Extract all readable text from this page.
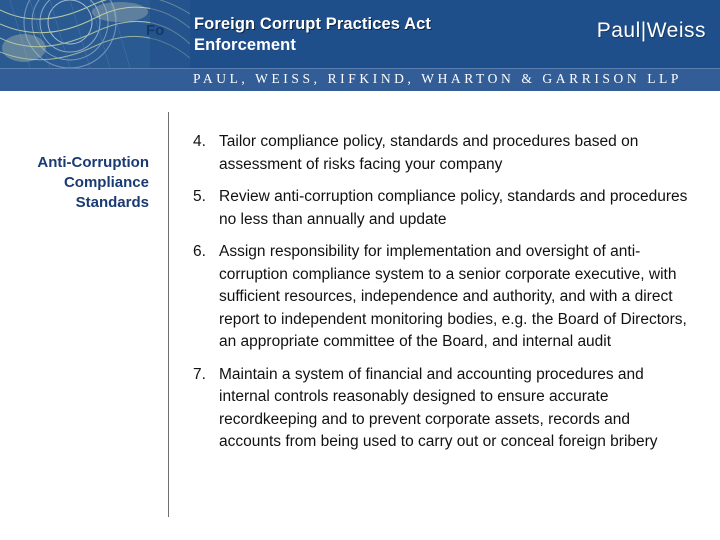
Fo Foreign Corrupt Practices Act
Enforcement
Paul|Weiss
PAUL, WEISS, RIFKIND, WHARTON & GARRISON LLP
Anti-Corruption
Compliance
Standards
4. Tailor compliance policy, standards and procedures based on assessment of risks facing your company
5. Review anti-corruption compliance policy, standards and procedures no less than annually and update
6. Assign responsibility for implementation and oversight of anti-corruption compliance system to a senior corporate executive, with sufficient resources, independence and authority, and with a direct report to independent monitoring bodies, e.g. the Board of Directors, an appropriate committee of the Board, and internal audit
7. Maintain a system of financial and accounting procedures and internal controls reasonably designed to ensure accurate recordkeeping and to prevent corporate assets, records and accounts from being used to carry out or conceal foreign bribery
